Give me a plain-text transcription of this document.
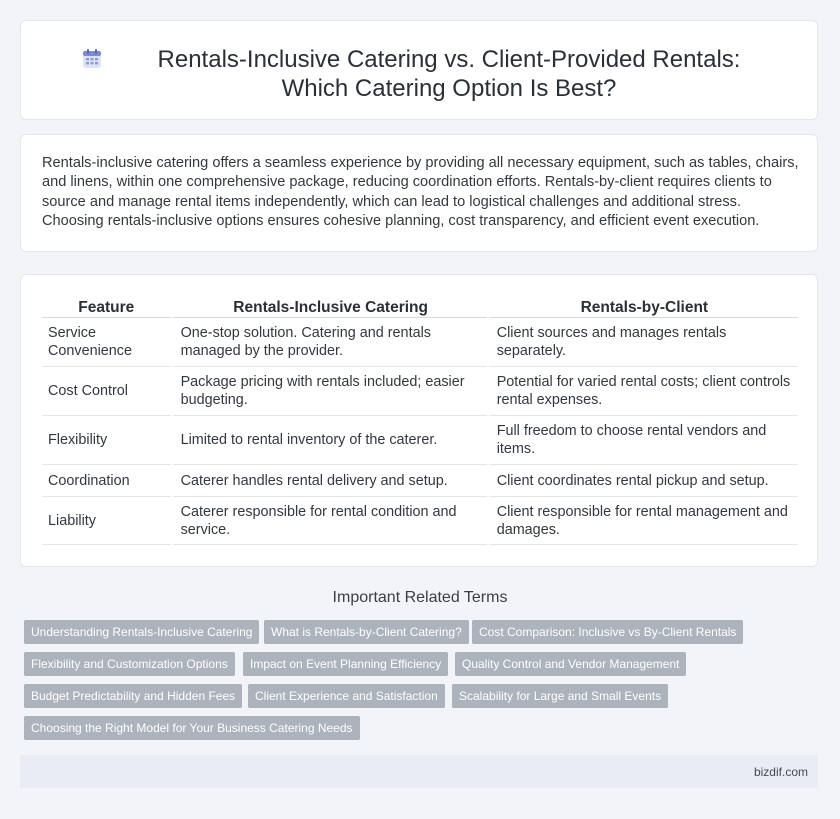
Rentals-Inclusive Catering vs. Client-Provided Rentals: Which Catering Option Is Best?

Rentals-inclusive catering offers a seamless experience by providing all necessary equipment, such as tables, chairs, and linens, within one comprehensive package, reducing coordination efforts. Rentals-by-client requires clients to source and manage rental items independently, which can lead to logistical challenges and additional stress. Choosing rentals-inclusive options ensures cohesive planning, cost transparency, and efficient event execution.

Feature	Rentals-Inclusive Catering	Rentals-by-Client
Service Convenience	One-stop solution. Catering and rentals managed by the provider.	Client sources and manages rentals separately.
Cost Control	Package pricing with rentals included; easier budgeting.	Potential for varied rental costs; client controls rental expenses.
Flexibility	Limited to rental inventory of the caterer.	Full freedom to choose rental vendors and items.
Coordination	Caterer handles rental delivery and setup.	Client coordinates rental pickup and setup.
Liability	Caterer responsible for rental condition and service.	Client responsible for rental management and damages.
Important Related Terms
Understanding Rentals-Inclusive Catering	What is Rentals-by-Client Catering?	Cost Comparison: Inclusive vs By-Client Rentals
Flexibility and Customization Options	Impact on Event Planning Efficiency	Quality Control and Vendor Management
Budget Predictability and Hidden Fees	Client Experience and Satisfaction	Scalability for Large and Small Events
Choosing the Right Model for Your Business Catering Needs
bizdif.com
